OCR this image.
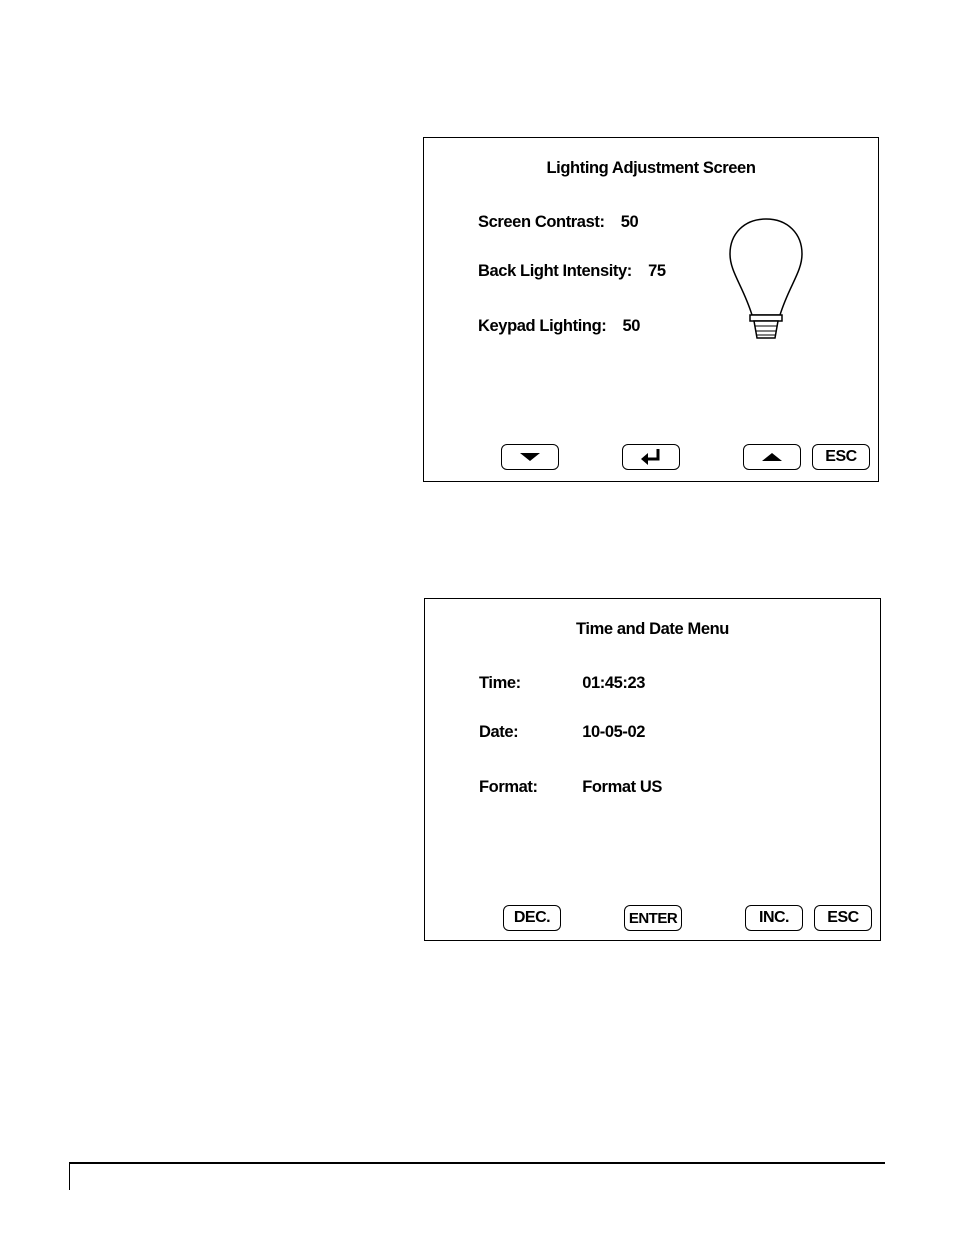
Lighting Adjustment Screen
Screen Contrast: 50
Back Light Intensity: 75
Keypad Lighting: 50
ESC
Time and Date Menu
Time:	01:45:23
Date:	10-05-02
Format:	Format US
DEC.	ENTER	INC.	ESC
